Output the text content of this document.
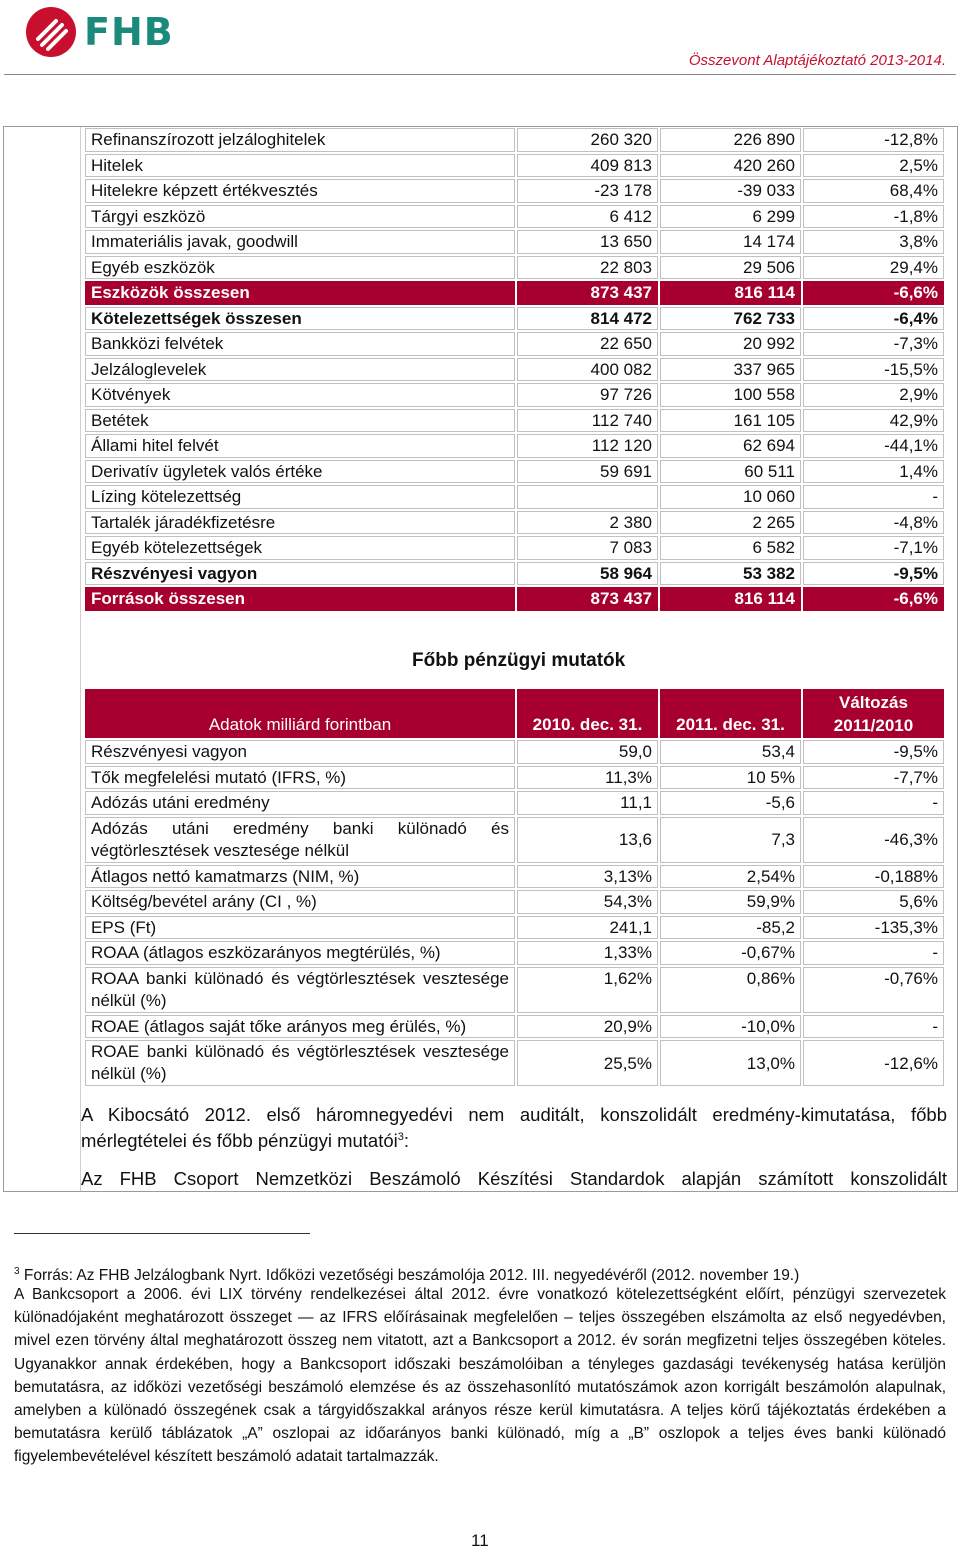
FHB
Összevont Alaptájékoztató 2013-2014.
Refinanszírozott jelzáloghitelek	260 320	226 890	-12,8%
Hitelek	409 813	420 260	2,5%
Hitelekre képzett értékvesztés	-23 178	-39 033	68,4%
Tárgyi eszközö	6 412	6 299	-1,8%
Immateriális javak, goodwill	13 650	14 174	3,8%
Egyéb eszközök	22 803	29 506	29,4%
Eszközök összesen	873 437	816 114	-6,6%
Kötelezettségek összesen	814 472	762 733	-6,4%
Bankközi felvétek	22 650	20 992	-7,3%
Jelzáloglevelek	400 082	337 965	-15,5%
Kötvények	97 726	100 558	2,9%
Betétek	112 740	161 105	42,9%
Állami hitel felvét	112 120	62 694	-44,1%
Derivatív ügyletek valós értéke	59 691	60 511	1,4%
Lízing kötelezettség		10 060	-
Tartalék járadékfizetésre	2 380	2 265	-4,8%
Egyéb kötelezettségek	7 083	6 582	-7,1%
Részvényesi vagyon	58 964	53 382	-9,5%
Források összesen	873 437	816 114	-6,6%
Főbb pénzügyi mutatók
Adatok milliárd forintban	2010. dec. 31.	2011. dec. 31.	Változás
2011/2010

Részvényesi vagyon	59,0	53,4	-9,5%
Tők megfelelési mutató (IFRS, %)	11,3%	10 5%	-7,7%
Adózás utáni eredmény	11,1	-5,6	-
Adózás utáni eredmény banki különadó és végtörlesztések vesztesége nélkül	13,6	7,3	-46,3%
Átlagos nettó kamatmarzs (NIM, %)	3,13%	2,54%	-0,188%
Költség/bevétel arány (CI , %)	54,3%	59,9%	5,6%
EPS (Ft)	241,1	-85,2	-135,3%
ROAA (átlagos eszközarányos megtérülés, %)	1,33%	-0,67%	-
ROAA banki különadó és végtörlesztések vesztesége nélkül (%)	1,62%	0,86%	-0,76%
ROAE (átlagos saját tőke arányos meg érülés, %)	20,9%	-10,0%	-
ROAE banki különadó és végtörlesztések vesztesége nélkül (%)	25,5%	13,0%	-12,6%
A Kibocsátó 2012. első háromnegyedévi nem auditált, konszolidált eredmény-kimutatása, főbb mérlegtételei és főbb pénzügyi mutatói$^3$:
Az FHB Csoport Nemzetközi Beszámoló Készítési Standardok alapján számított konszolidált
$^3$ Forrás: Az FHB Jelzálogbank Nyrt. Időközi vezetőségi beszámolója 2012. III. negyedévéről (2012. november 19.)
A Bankcsoport a 2006. évi LIX törvény rendelkezései által 2012. évre vonatkozó kötelezettségként előírt, pénzügyi szervezetek különadójaként meghatározott összeget — az IFRS előírásainak megfelelően – teljes összegében elszámolta az első negyedévben, mivel ezen törvény által meghatározott összeg nem vitatott, azt a Bankcsoport a 2012. év során megfizetni teljes összegében köteles. Ugyanakkor annak érdekében, hogy a Bankcsoport időszaki beszámolóiban a tényleges gazdasági tevékenység hatása kerüljön bemutatásra, az időközi vezetőségi beszámoló elemzése és az összehasonlító mutatószámok azon korrigált beszámolón alapulnak, amelyben a különadó összegének csak a tárgyidőszakkal arányos része kerül kimutatásra. A teljes körű tájékoztatás érdekében a bemutatásra kerülő táblázatok „A” oszlopai az időarányos banki különadó, míg a „B” oszlopok a teljes éves banki különadó figyelembevételével készített beszámoló adatait tartalmazzák.
11
